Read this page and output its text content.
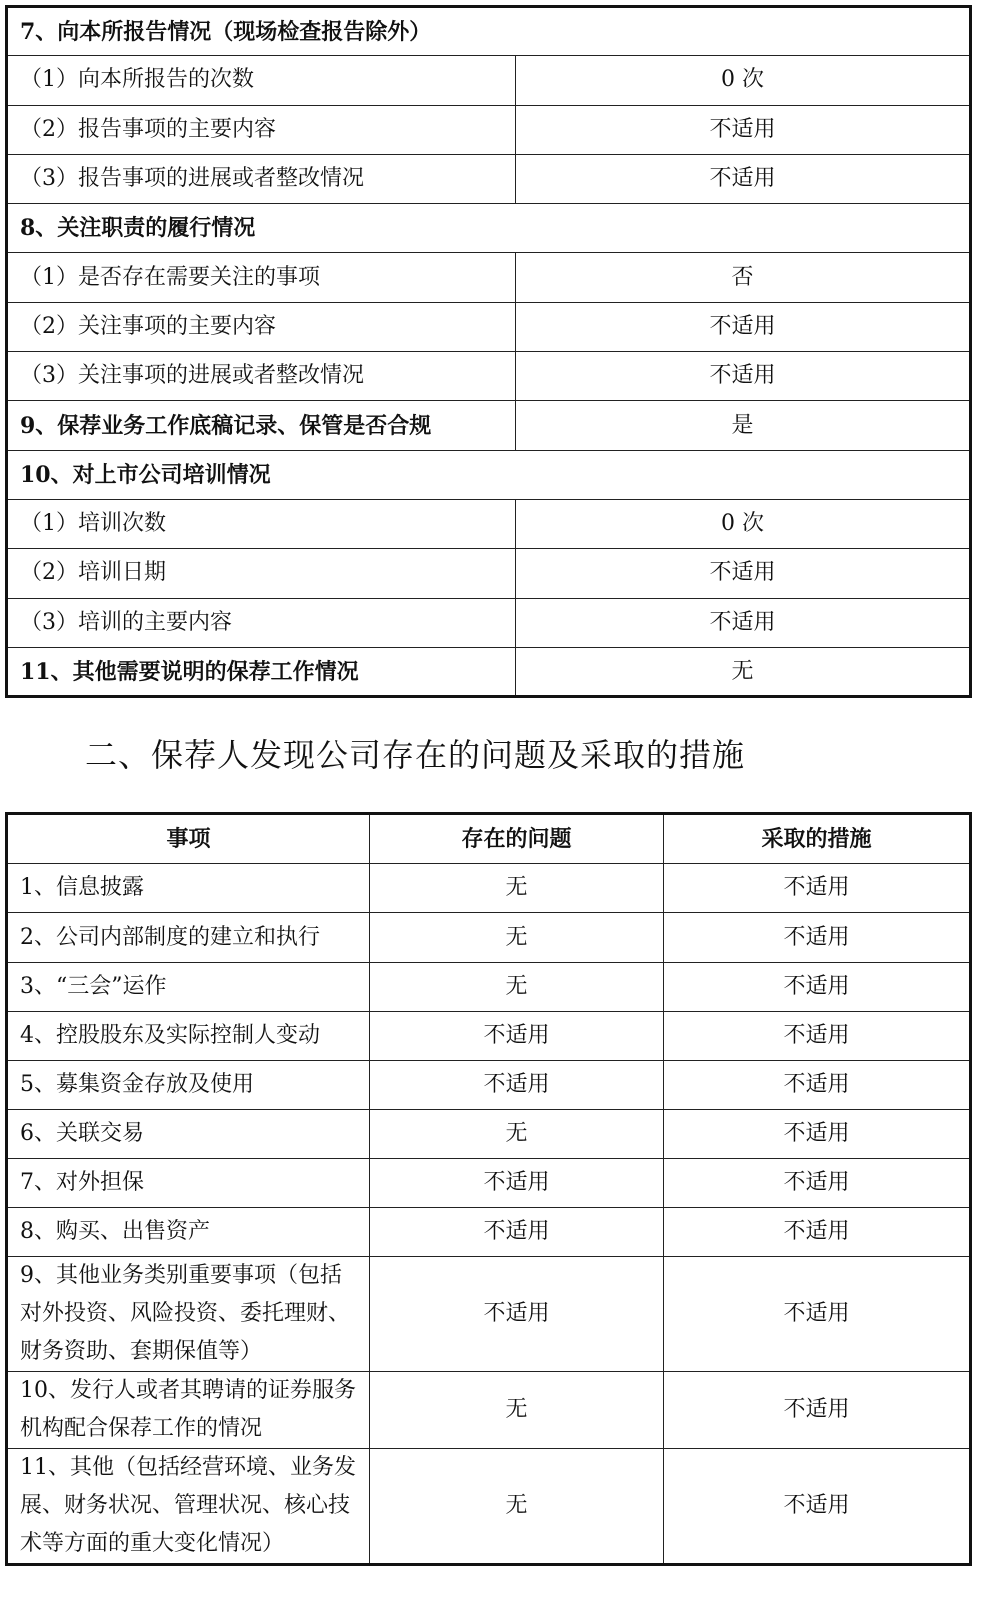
7、向本所报告情况（现场检查报告除外）	
（1）向本所报告的次数	0 次
（2）报告事项的主要内容	不适用
（3）报告事项的进展或者整改情况	不适用
8、关注职责的履行情况	
（1）是否存在需要关注的事项	否
（2）关注事项的主要内容	不适用
（3）关注事项的进展或者整改情况	不适用
9、保荐业务工作底稿记录、保管是否合规	是
10、对上市公司培训情况	
（1）培训次数	0 次
（2）培训日期	不适用
（3）培训的主要内容	不适用
11、其他需要说明的保荐工作情况	无
二、保荐人发现公司存在的问题及采取的措施
事项	存在的问题	采取的措施
1、信息披露	无	不适用
2、公司内部制度的建立和执行	无	不适用
3、“三会”运作	无	不适用
4、控股股东及实际控制人变动	不适用	不适用
5、募集资金存放及使用	不适用	不适用
6、关联交易	无	不适用
7、对外担保	不适用	不适用
8、购买、出售资产	不适用	不适用
9、其他业务类别重要事项（包括对外投资、风险投资、委托理财、财务资助、套期保值等）	不适用	不适用
10、发行人或者其聘请的证券服务机构配合保荐工作的情况	无	不适用
11、其他（包括经营环境、业务发展、财务状况、管理状况、核心技术等方面的重大变化情况）	无	不适用
